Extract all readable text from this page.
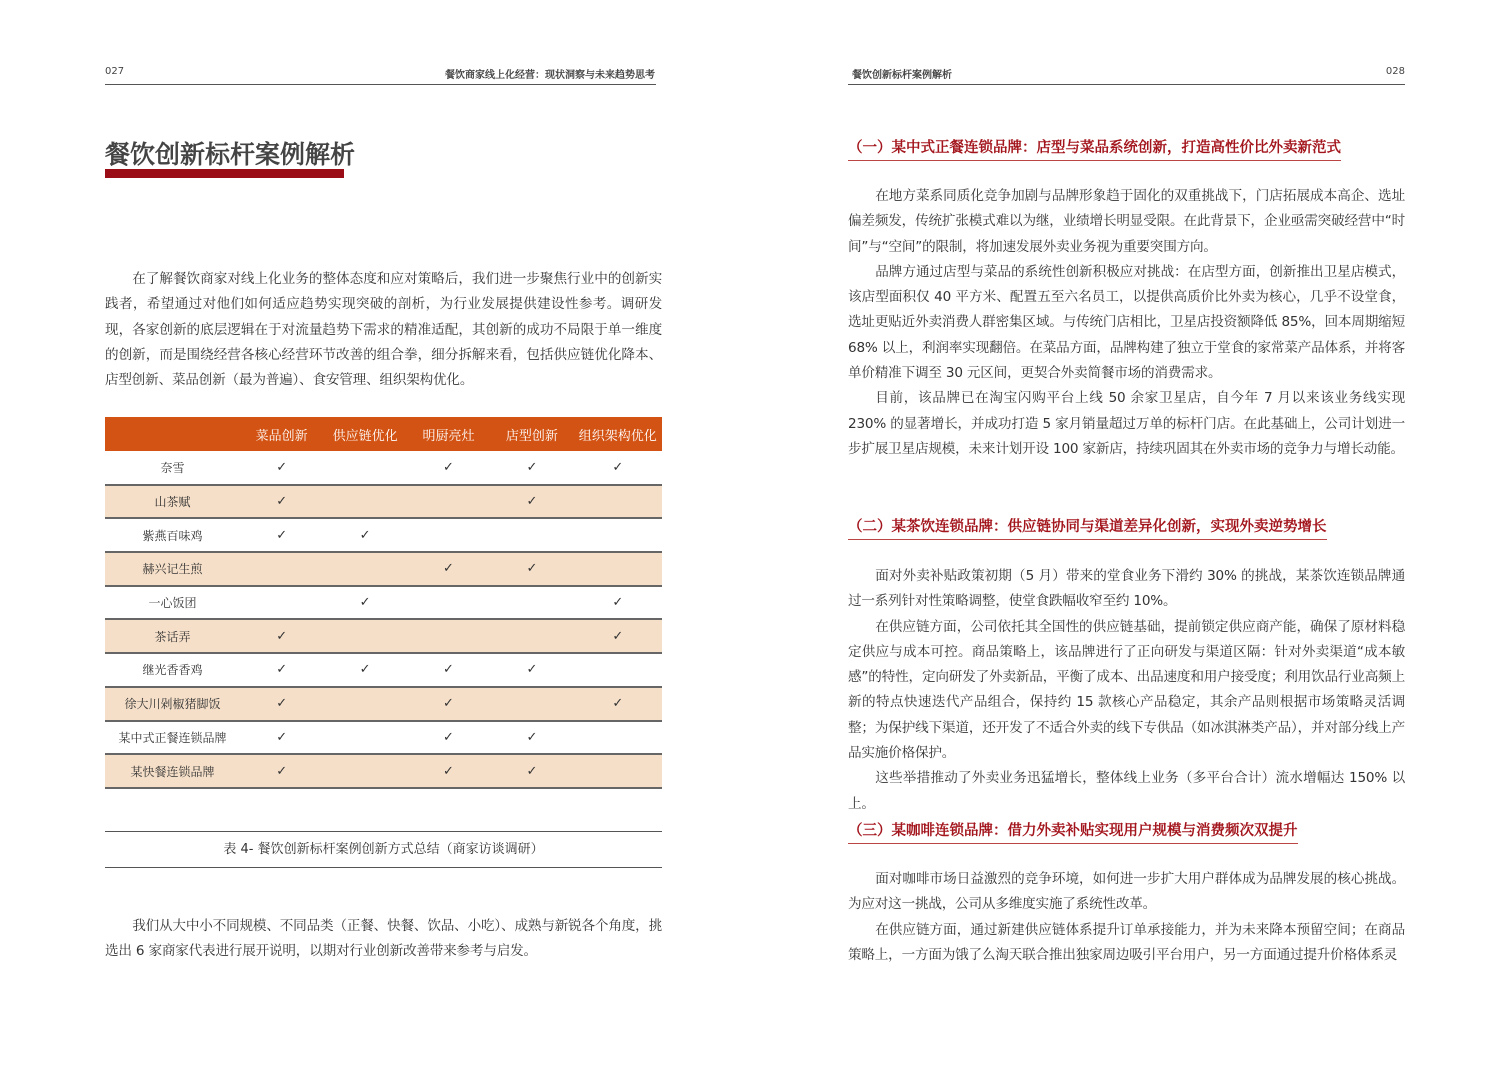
027	餐饮商家线上化经营：现状洞察与未来趋势思考
餐饮创新标杆案例解析
在了解餐饮商家对线上化业务的整体态度和应对策略后，我们进一步聚焦行业中的创新实践者，希望通过对他们如何适应趋势实现突破的剖析，为行业发展提供建设性参考。调研发现，各家创新的底层逻辑在于对流量趋势下需求的精准适配，其创新的成功不局限于单一维度的创新，而是围绕经营各核心经营环节改善的组合拳，细分拆解来看，包括供应链优化降本、店型创新、菜品创新（最为普遍）、食安管理、组织架构优化。
	菜品创新	供应链优化	明厨亮灶	店型创新	组织架构优化
奈雪	✓		✓	✓	✓
山茶赋	✓			✓	
紫燕百味鸡	✓	✓			
赫兴记生煎			✓	✓	
一心饭团		✓			✓
茶话弄	✓				✓
继光香香鸡	✓	✓	✓	✓	
徐大川剁椒猪脚饭	✓		✓		✓
某中式正餐连锁品牌	✓		✓	✓	
某快餐连锁品牌	✓		✓	✓	
表 4- 餐饮创新标杆案例创新方式总结（商家访谈调研）
我们从大中小不同规模、不同品类（正餐、快餐、饮品、小吃）、成熟与新锐各个角度，挑选出 6 家商家代表进行展开说明，以期对行业创新改善带来参考与启发。
餐饮创新标杆案例解析	028
（一）某中式正餐连锁品牌：店型与菜品系统创新，打造高性价比外卖新范式
在地方菜系同质化竞争加剧与品牌形象趋于固化的双重挑战下，门店拓展成本高企、选址偏差频发，传统扩张模式难以为继，业绩增长明显受限。在此背景下，企业亟需突破经营中“时间”与“空间”的限制，将加速发展外卖业务视为重要突围方向。
品牌方通过店型与菜品的系统性创新积极应对挑战：在店型方面，创新推出卫星店模式，该店型面积仅 40 平方米、配置五至六名员工，以提供高质价比外卖为核心，几乎不设堂食，选址更贴近外卖消费人群密集区域。与传统门店相比，卫星店投资额降低 85%，回本周期缩短 68% 以上，利润率实现翻倍。在菜品方面，品牌构建了独立于堂食的家常菜产品体系，并将客单价精准下调至 30 元区间，更契合外卖简餐市场的消费需求。
目前，该品牌已在淘宝闪购平台上线 50 余家卫星店，自今年 7 月以来该业务线实现 230% 的显著增长，并成功打造 5 家月销量超过万单的标杆门店。在此基础上，公司计划进一步扩展卫星店规模，未来计划开设 100 家新店，持续巩固其在外卖市场的竞争力与增长动能。
（二）某茶饮连锁品牌：供应链协同与渠道差异化创新，实现外卖逆势增长
面对外卖补贴政策初期（5 月）带来的堂食业务下滑约 30% 的挑战，某茶饮连锁品牌通过一系列针对性策略调整，使堂食跌幅收窄至约 10%。
在供应链方面，公司依托其全国性的供应链基础，提前锁定供应商产能，确保了原材料稳定供应与成本可控。商品策略上，该品牌进行了正向研发与渠道区隔：针对外卖渠道“成本敏感”的特性，定向研发了外卖新品，平衡了成本、出品速度和用户接受度；利用饮品行业高频上新的特点快速迭代产品组合，保持约 15 款核心产品稳定，其余产品则根据市场策略灵活调整；为保护线下渠道，还开发了不适合外卖的线下专供品（如冰淇淋类产品），并对部分线上产品实施价格保护。
这些举措推动了外卖业务迅猛增长，整体线上业务（多平台合计）流水增幅达 150% 以上。
（三）某咖啡连锁品牌：借力外卖补贴实现用户规模与消费频次双提升
面对咖啡市场日益激烈的竞争环境，如何进一步扩大用户群体成为品牌发展的核心挑战。为应对这一挑战，公司从多维度实施了系统性改革。
在供应链方面，通过新建供应链体系提升订单承接能力，并为未来降本预留空间；在商品策略上，一方面为饿了么淘天联合推出独家周边吸引平台用户，另一方面通过提升价格体系灵
